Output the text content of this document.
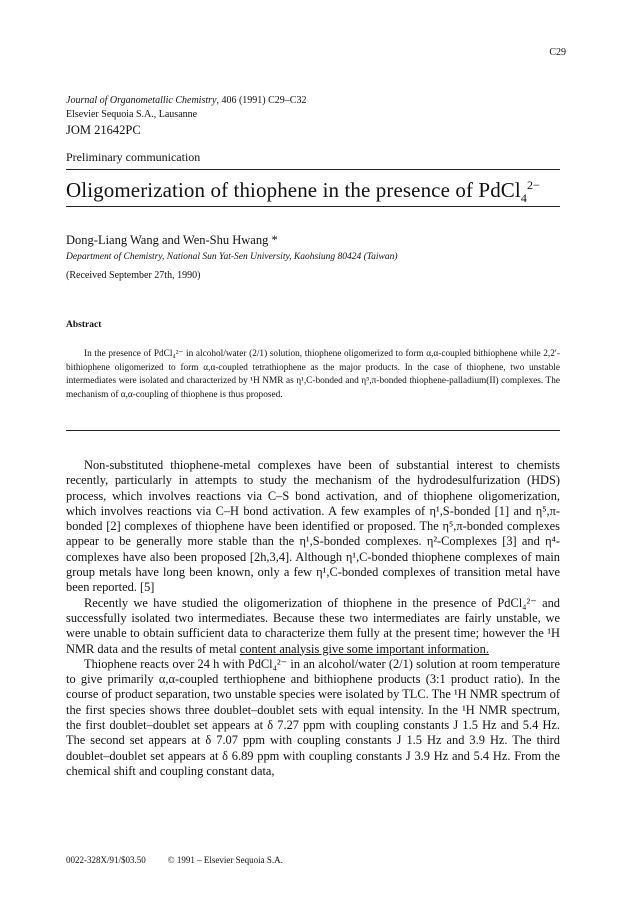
C29
Journal of Organometallic Chemistry, 406 (1991) C29–C32
Elsevier Sequoia S.A., Lausanne
JOM 21642PC
Preliminary communication
Oligomerization of thiophene in the presence of PdCl$_4^{2-}$
Dong-Liang Wang and Wen-Shu Hwang *
Department of Chemistry, National Sun Yat-Sen University, Kaohsiung 80424 (Taiwan)
(Received September 27th, 1990)
Abstract

In the presence of PdCl₄²⁻ in alcohol/water (2/1) solution, thiophene oligomerized to form α,α-coupled bithiophene while 2,2′-bithiophene oligomerized to form α,α-coupled tetrathiophene as the major products. In the case of thiophene, two unstable intermediates were isolated and characterized by ¹H NMR as η¹,C-bonded and η⁵,π-bonded thiophene-palladium(II) complexes. The mechanism of α,α-coupling of thiophene is thus proposed.

Non-substituted thiophene-metal complexes have been of substantial interest to chemists recently, particularly in attempts to study the mechanism of the hydrodesulfurization (HDS) process, which involves reactions via C–S bond activation, and of thiophene oligomerization, which involves reactions via C–H bond activation. A few examples of η¹,S-bonded [1] and η⁵,π-bonded [2] complexes of thiophene have been identified or proposed. The η⁵,π-bonded complexes appear to be generally more stable than the η¹,S-bonded complexes. η²-Complexes [3] and η⁴-complexes have also been proposed [2h,3,4]. Although η¹,C-bonded thiophene complexes of main group metals have long been known, only a few η¹,C-bonded complexes of transition metal have been reported. [5]

Recently we have studied the oligomerization of thiophene in the presence of PdCl₄²⁻ and successfully isolated two intermediates. Because these two intermediates are fairly unstable, we were unable to obtain sufficient data to characterize them fully at the present time; however the ¹H NMR data and the results of metal content analysis give some important information.

Thiophene reacts over 24 h with PdCl₄²⁻ in an alcohol/water (2/1) solution at room temperature to give primarily α,α-coupled terthiophene and bithiophene products (3:1 product ratio). In the course of product separation, two unstable species were isolated by TLC. The ¹H NMR spectrum of the first species shows three doublet–doublet sets with equal intensity. In the ¹H NMR spectrum, the first doublet–doublet set appears at δ 7.27 ppm with coupling constants J 1.5 Hz and 5.4 Hz. The second set appears at δ 7.07 ppm with coupling constants J 1.5 Hz and 3.9 Hz. The third doublet–doublet set appears at δ 6.89 ppm with coupling constants J 3.9 Hz and 5.4 Hz. From the chemical shift and coupling constant data,

0022-328X/91/$03.50 © 1991 – Elsevier Sequoia S.A.
